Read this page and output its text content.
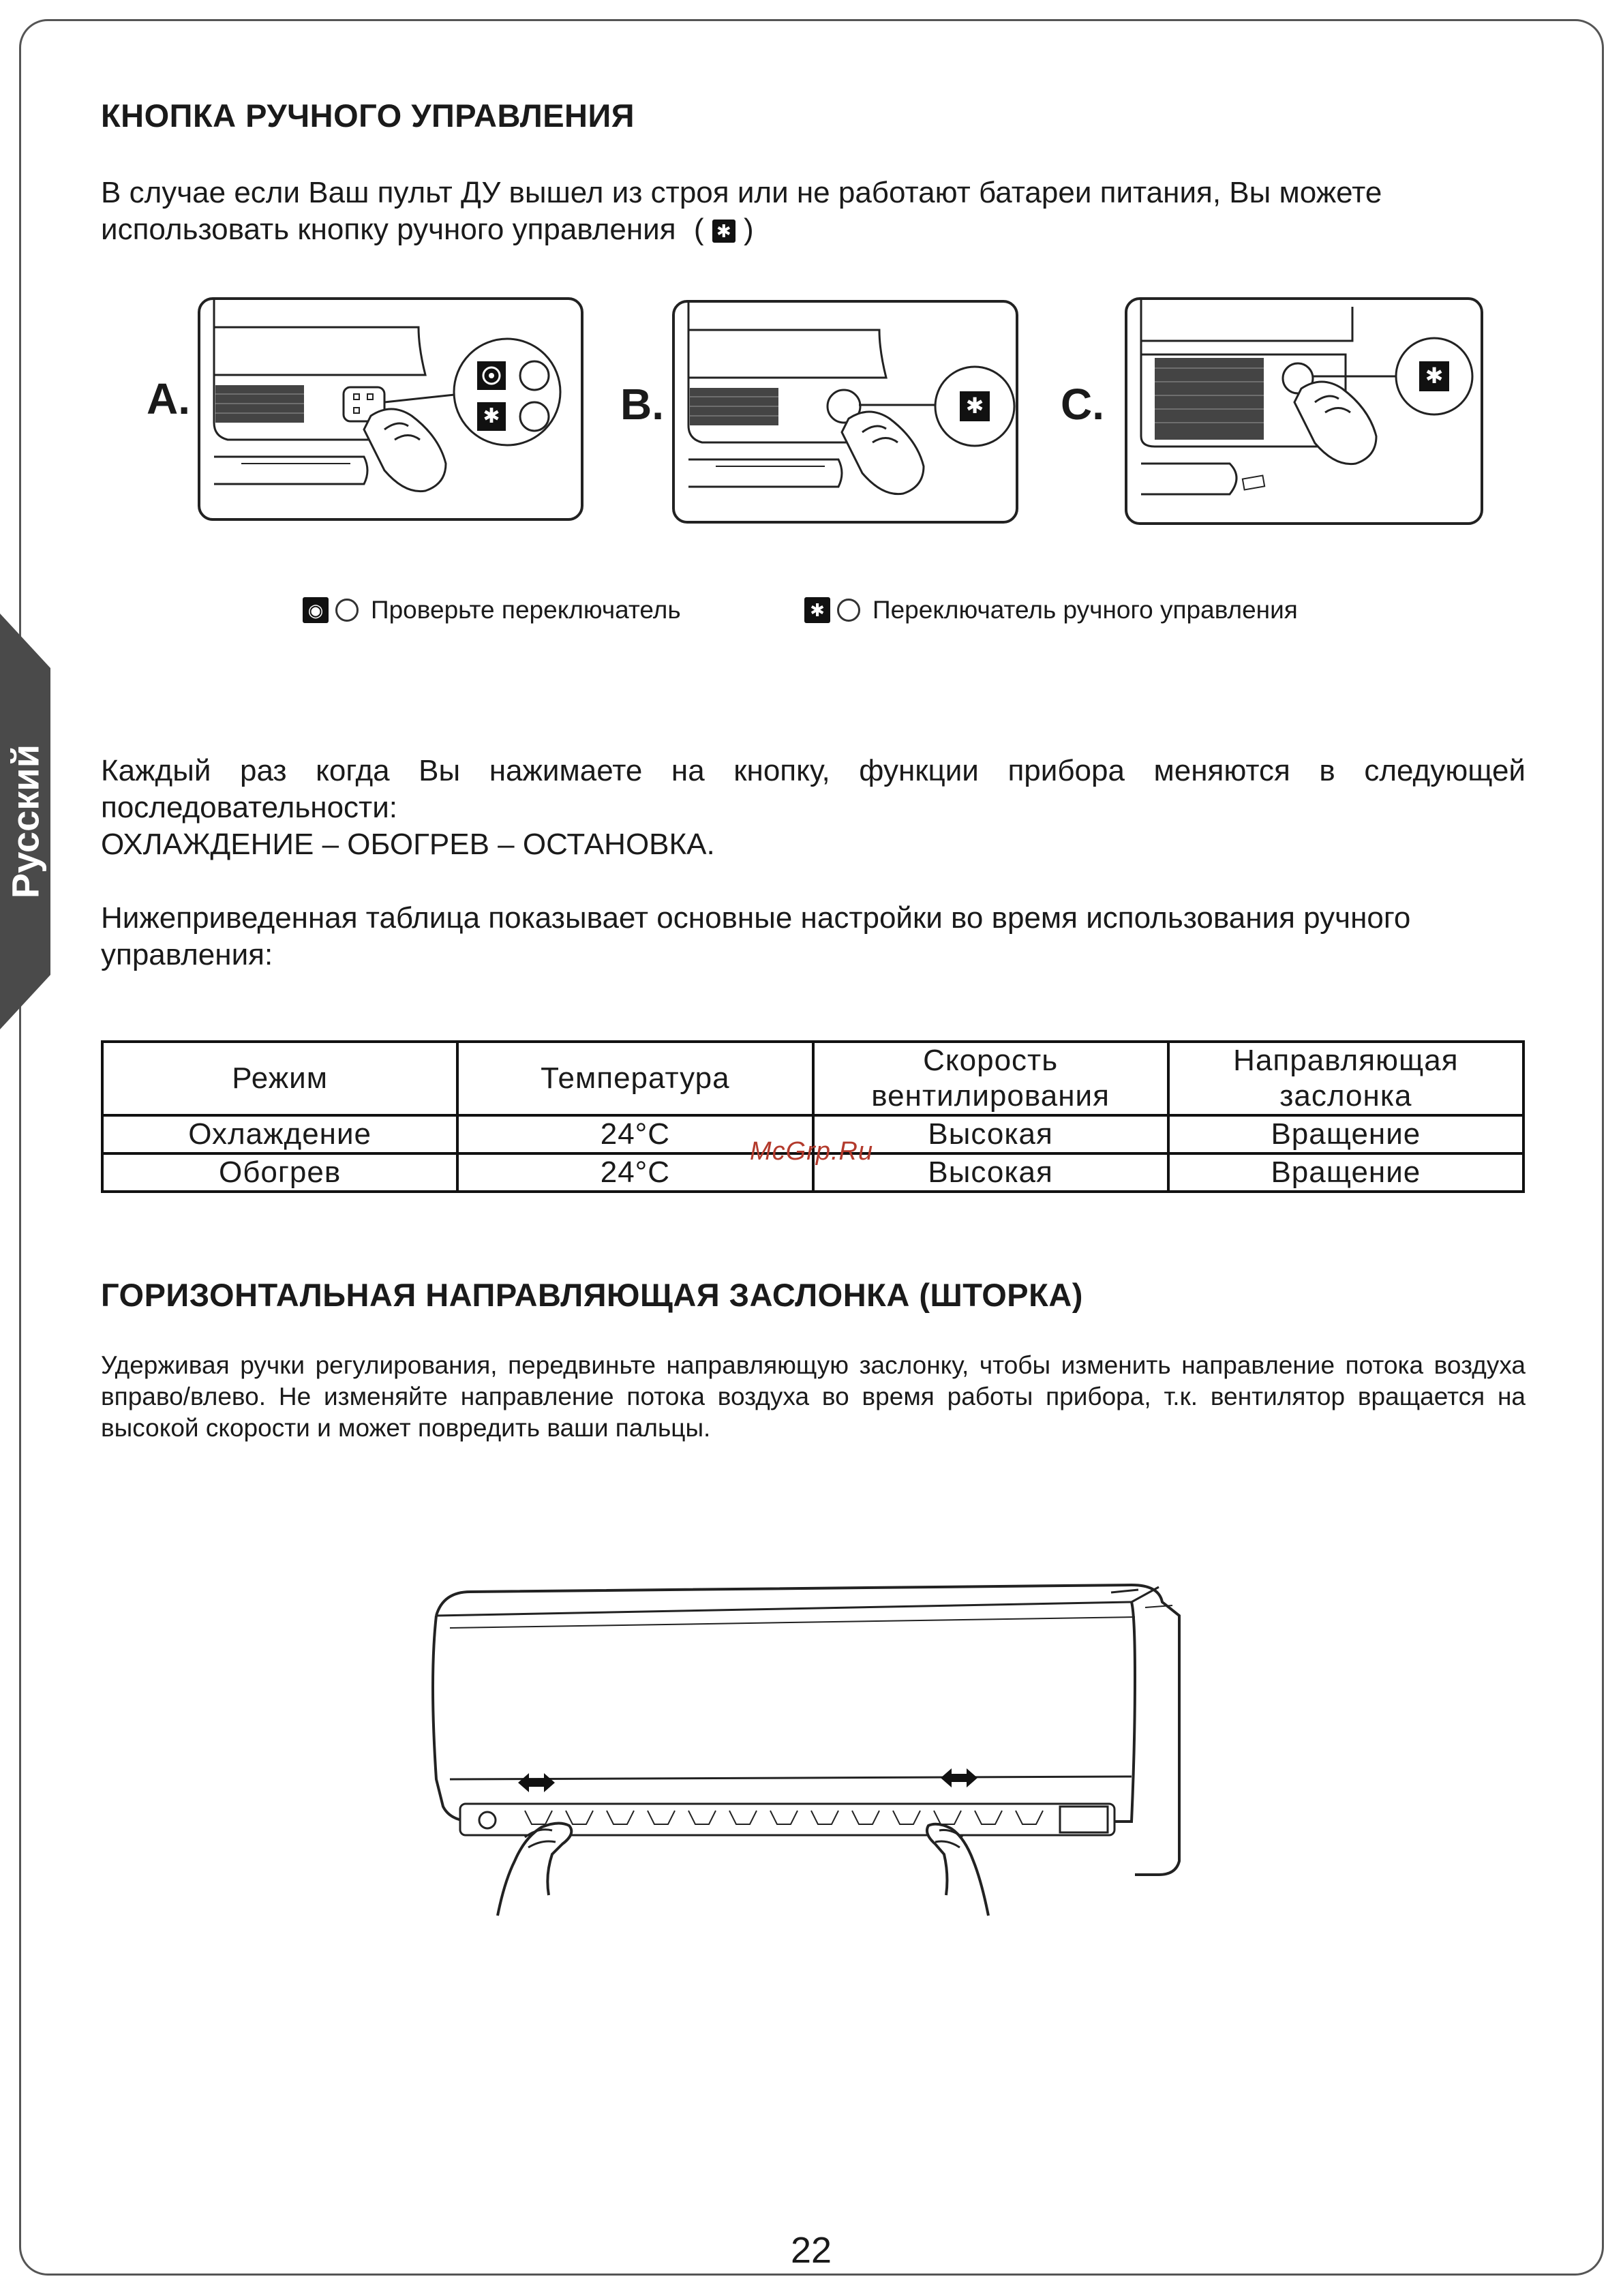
Русский
КНОПКА РУЧНОГО УПРАВЛЕНИЯ

В случае если Ваш пульт ДУ вышел из строя или не работают батареи питания, Вы можете
использовать кнопку ручного управления ( ✱ )

A.	B.	C.
✱	✱
✱
◉ Проверьте переключатель	✱ Переключатель ручного управления

Каждый раз когда Вы нажимаете на кнопку, функции прибора меняются в следующей последовательности:

ОХЛАЖДЕНИЕ – ОБОГРЕВ – ОСТАНОВКА.

Нижеприведенная таблица показывает основные настройки во время использования ручного управления:

Режим	Температура	Скорость вентилирования	Направляющая заслонка
Охлаждение	24°C	Высокая	Вращение
Обогрев	24°C	Высокая	Вращение
McGrp.Ru
ГОРИЗОНТАЛЬНАЯ НАПРАВЛЯЮЩАЯ ЗАСЛОНКА (ШТОРКА)

Удерживая ручки регулирования, передвиньте направляющую заслонку, чтобы изменить направление потока воздуха вправо/влево. Не изменяйте направление потока воздуха во время работы прибора, т.к. вентилятор вращается на высокой скорости и может повредить ваши пальцы.

22
